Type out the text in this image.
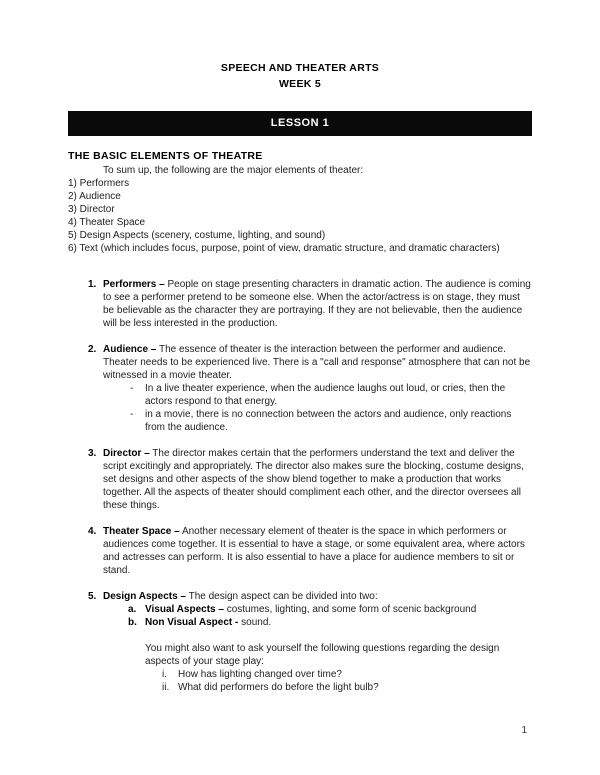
SPEECH AND THEATER ARTS
WEEK 5
LESSON 1
THE BASIC ELEMENTS OF THEATRE

To sum up, the following are the major elements of theater:

1) Performers
2) Audience
3) Director
4) Theater Space
5) Design Aspects (scenery, costume, lighting, and sound)
6) Text (which includes focus, purpose, point of view, dramatic structure, and dramatic characters)
1. Performers – People on stage presenting characters in dramatic action. The audience is coming to see a performer pretend to be someone else. When the actor/actress is on stage, they must be believable as the character they are portraying. If they are not believable, then the audience will be less interested in the production.
2. Audience – The essence of theater is the interaction between the performer and audience. Theater needs to be experienced live. There is a "call and response" atmosphere that can not be witnessed in a movie theater.
-	In a live theater experience, when the audience laughs out loud, or cries, then the actors respond to that energy.
-	in a movie, there is no connection between the actors and audience, only reactions from the audience.
3. Director – The director makes certain that the performers understand the text and deliver the script excitingly and appropriately. The director also makes sure the blocking, costume designs, set designs and other aspects of the show blend together to make a production that works together. All the aspects of theater should compliment each other, and the director oversees all these things.
4. Theater Space – Another necessary element of theater is the space in which performers or audiences come together. It is essential to have a stage, or some equivalent area, where actors and actresses can perform. It is also essential to have a place for audience members to sit or stand.
5. Design Aspects – The design aspect can be divided into two:
a. Visual Aspects – costumes, lighting, and some form of scenic background
b. Non Visual Aspect - sound.

You might also want to ask yourself the following questions regarding the design aspects of your stage play:

i.	How has lighting changed over time?
ii. What did performers do before the light bulb?
1
